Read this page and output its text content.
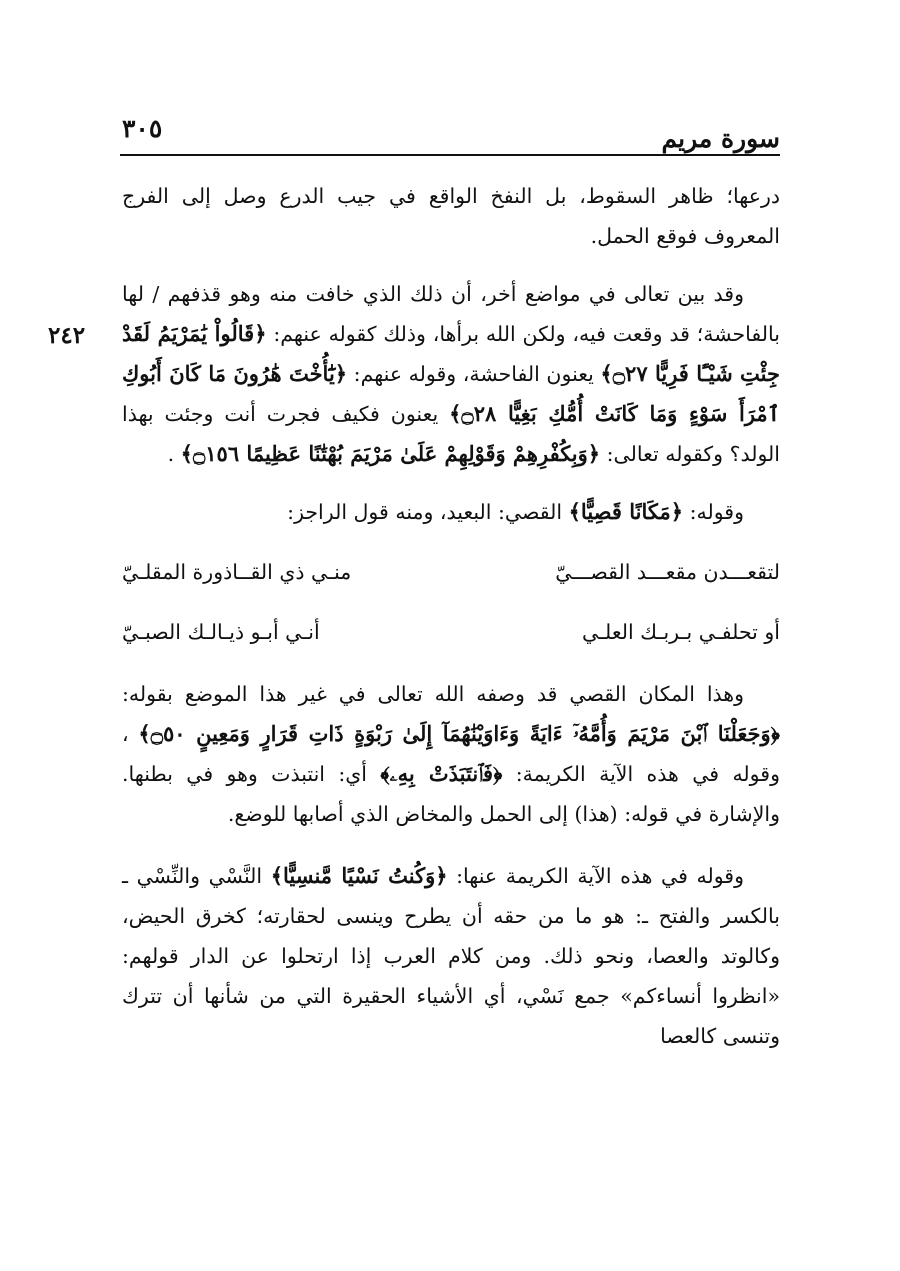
سورة مريم
٣٠٥
٢٤٢

درعها؛ ظاهر السقوط، بل النفخ الواقع في جيب الدرع وصل إلى الفرج المعروف فوقع الحمل.

وقد بين تعالى في مواضع أخر، أن ذلك الذي خافت منه وهو قذفهم / لها بالفاحشة؛ قد وقعت فيه، ولكن الله برأها، وذلك كقوله عنهم: ﴿قَالُواْ يَٰمَرْيَمُ لَقَدْ جِئْتِ شَيْـًٔا فَرِيًّا ۝٢٧﴾ يعنون الفاحشة، وقوله عنهم: ﴿يَٰٓأُخْتَ هَٰرُونَ مَا كَانَ أَبُوكِ ٱمْرَأَ سَوْءٍ وَمَا كَانَتْ أُمُّكِ بَغِيًّا ۝٢٨﴾ يعنون فكيف فجرت أنت وجئت بهذا الولد؟ وكقوله تعالى: ﴿وَبِكُفْرِهِمْ وَقَوْلِهِمْ عَلَىٰ مَرْيَمَ بُهْتَٰنًا عَظِيمًا ۝١٥٦﴾ .

وقوله: ﴿مَكَانًا قَصِيًّا﴾ القصي: البعيد، ومنه قول الراجز:

لتقعـــدن مقعـــد القصـــيّ
منـي ذي القــاذورة المقلـيّ
أو تحلفـي بـربـك العلـي
أنـي أبـو ذيـالـك الصبـيّ

وهذا المكان القصي قد وصفه الله تعالى في غير هذا الموضع بقوله: ﴿وَجَعَلْنَا ٱبْنَ مَرْيَمَ وَأُمَّهُۥٓ ءَايَةً وَءَاوَيْنَٰهُمَآ إِلَىٰ رَبْوَةٍ ذَاتِ قَرَارٍ وَمَعِينٍ ۝٥٠﴾ ، وقوله في هذه الآية الكريمة: ﴿فَٱنتَبَذَتْ بِهِۦ﴾ أي: انتبذت وهو في بطنها. والإشارة في قوله: (هذا) إلى الحمل والمخاض الذي أصابها للوضع.

وقوله في هذه الآية الكريمة عنها: ﴿وَكُنتُ نَسْيًا مَّنسِيًّا﴾ النَّسْي والنِّسْي ـ بالكسر والفتح ـ: هو ما من حقه أن يطرح وينسى لحقارته؛ كخرق الحيض، وكالوتد والعصا، ونحو ذلك. ومن كلام العرب إذا ارتحلوا عن الدار قولهم: «انظروا أنساءكم» جمع نَسْي، أي الأشياء الحقيرة التي من شأنها أن تترك وتنسى كالعصا
